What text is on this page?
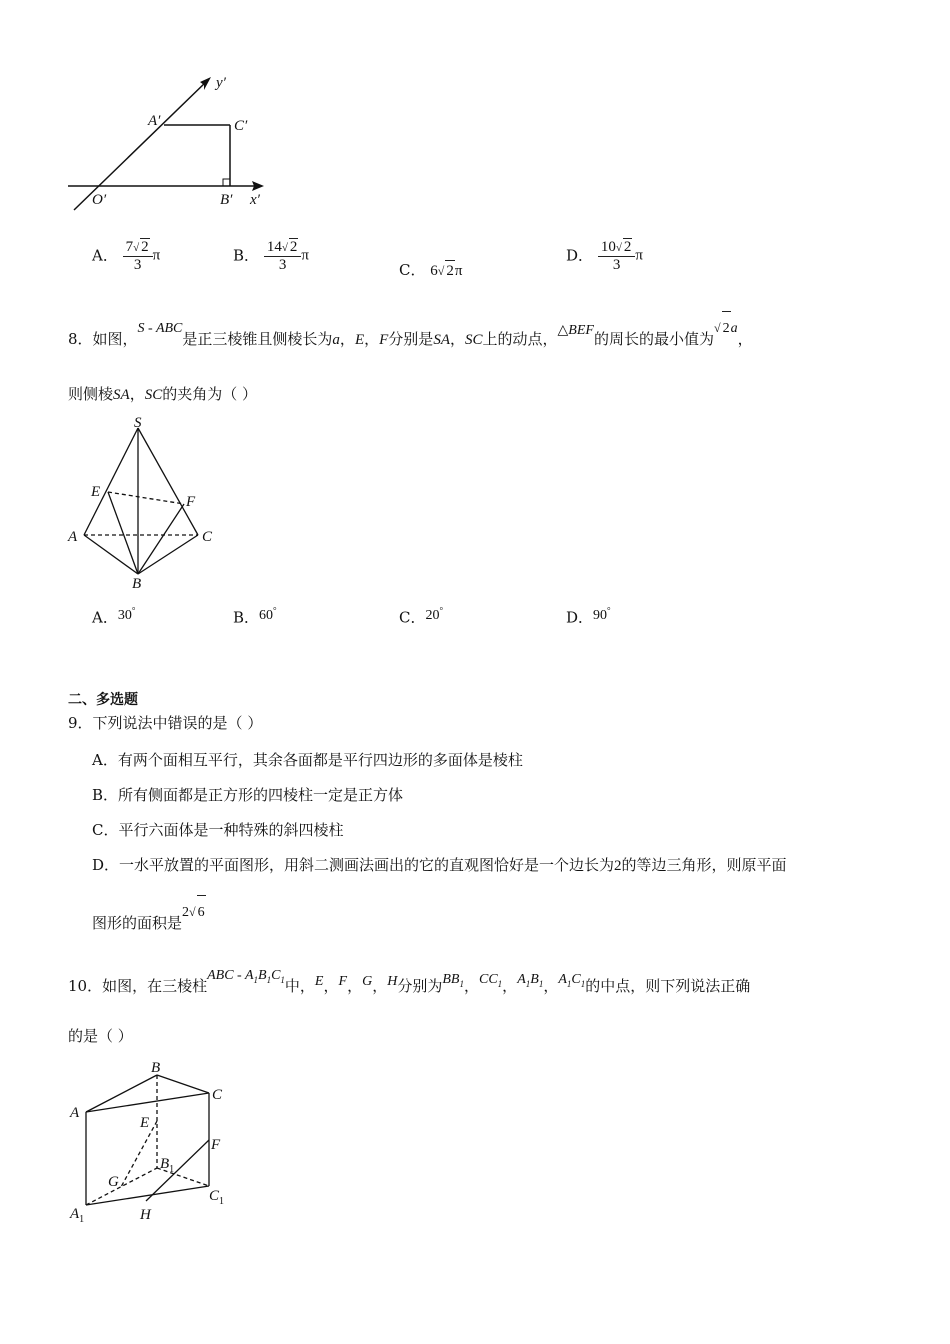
y′
A′	C′
O′	B′ x′
A． $\frac{7√ 2}{3}$ π	B． $\frac{14√ 2}{3}$ π
C． 6√ 2π
D． $\frac{10√ 2}{3}$ π
8．如图，S - ABC是正三棱锥且侧棱长为a，E，F分别是SA，SC上的动点，△BEF的周长的最小值为√ 2a，
则侧棱SA，SC的夹角为（ ）
S
E
F
A	C
B
A．30°	B．60°	C．20°	D．90°
二、多选题
9．下列说法中错误的是（ ）
A．有两个面相互平行，其余各面都是平行四边形的多面体是棱柱
B．所有侧面都是正方形的四棱柱一定是正方体
C．平行六面体是一种特殊的斜四棱柱
D．一水平放置的平面图形，用斜二测画法画出的它的直观图恰好是一个边长为2的等边三角形，则原平面
图形的面积是2√ 6
10．如图，在三棱柱ABC - $A_1B_1C_1$中，E，F，G，H分别为$BB_1$，$CC_1$，$A_1B_1$，$A_1C_1$的中点，则下列说法正确
的是（ ）
B
A
C
E
F
$B_1$
G
$A_1$	H
$C_1$
